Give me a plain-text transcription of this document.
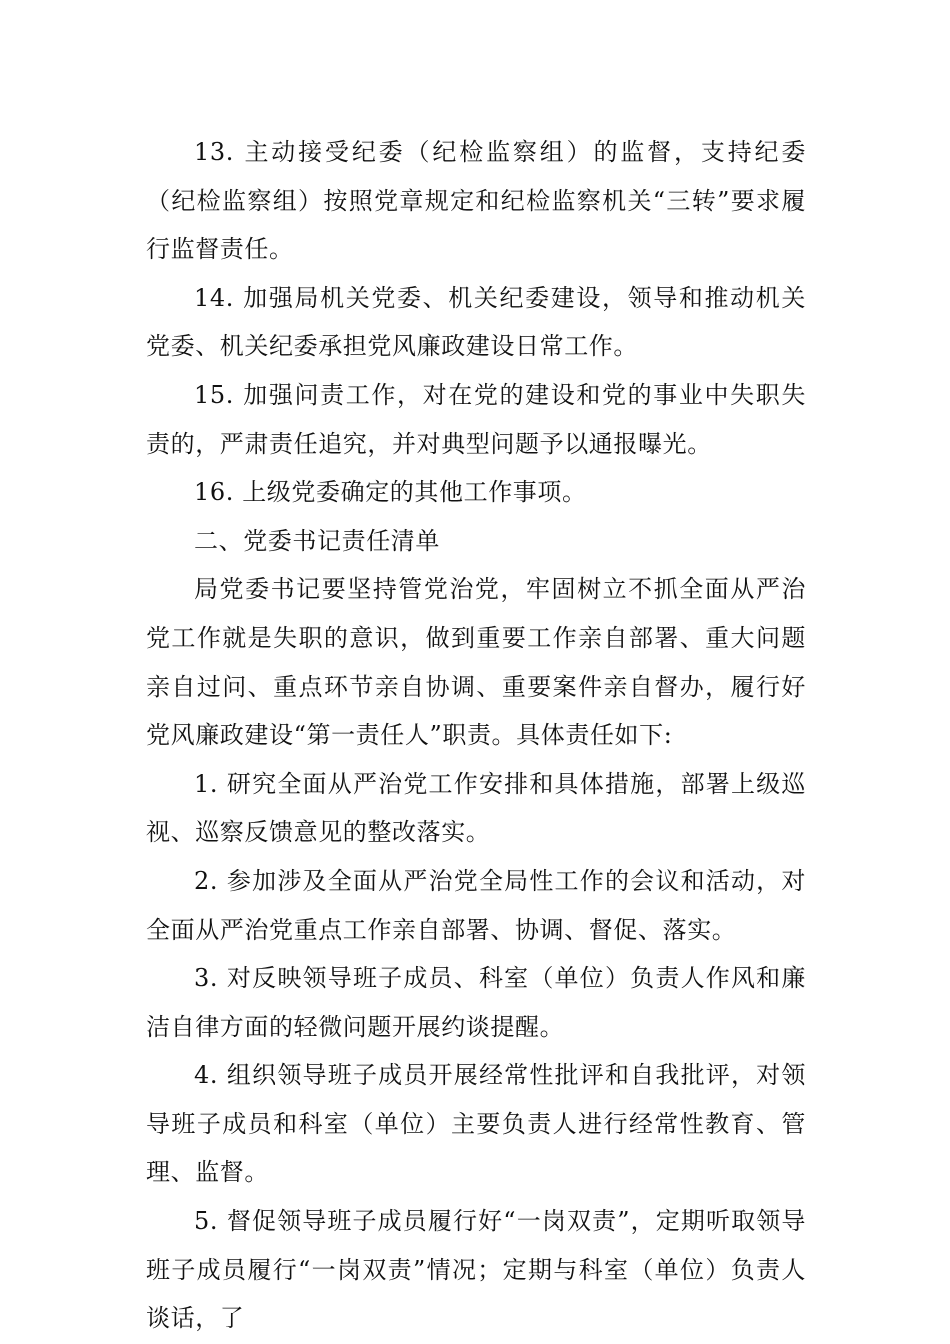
13. 主动接受纪委（纪检监察组）的监督，支持纪委（纪检监察组）按照党章规定和纪检监察机关“三转”要求履行监督责任。

14. 加强局机关党委、机关纪委建设，领导和推动机关党委、机关纪委承担党风廉政建设日常工作。

15. 加强问责工作，对在党的建设和党的事业中失职失责的，严肃责任追究，并对典型问题予以通报曝光。

16. 上级党委确定的其他工作事项。

二、党委书记责任清单

局党委书记要坚持管党治党，牢固树立不抓全面从严治党工作就是失职的意识，做到重要工作亲自部署、重大问题亲自过问、重点环节亲自协调、重要案件亲自督办，履行好党风廉政建设“第一责任人”职责。具体责任如下:

1. 研究全面从严治党工作安排和具体措施，部署上级巡视、巡察反馈意见的整改落实。

2. 参加涉及全面从严治党全局性工作的会议和活动，对全面从严治党重点工作亲自部署、协调、督促、落实。

3. 对反映领导班子成员、科室（单位）负责人作风和廉洁自律方面的轻微问题开展约谈提醒。

4. 组织领导班子成员开展经常性批评和自我批评，对领导班子成员和科室（单位）主要负责人进行经常性教育、管理、监督。

5. 督促领导班子成员履行好“一岗双责”，定期听取领导班子成员履行“一岗双责”情况；定期与科室（单位）负责人谈话，了
